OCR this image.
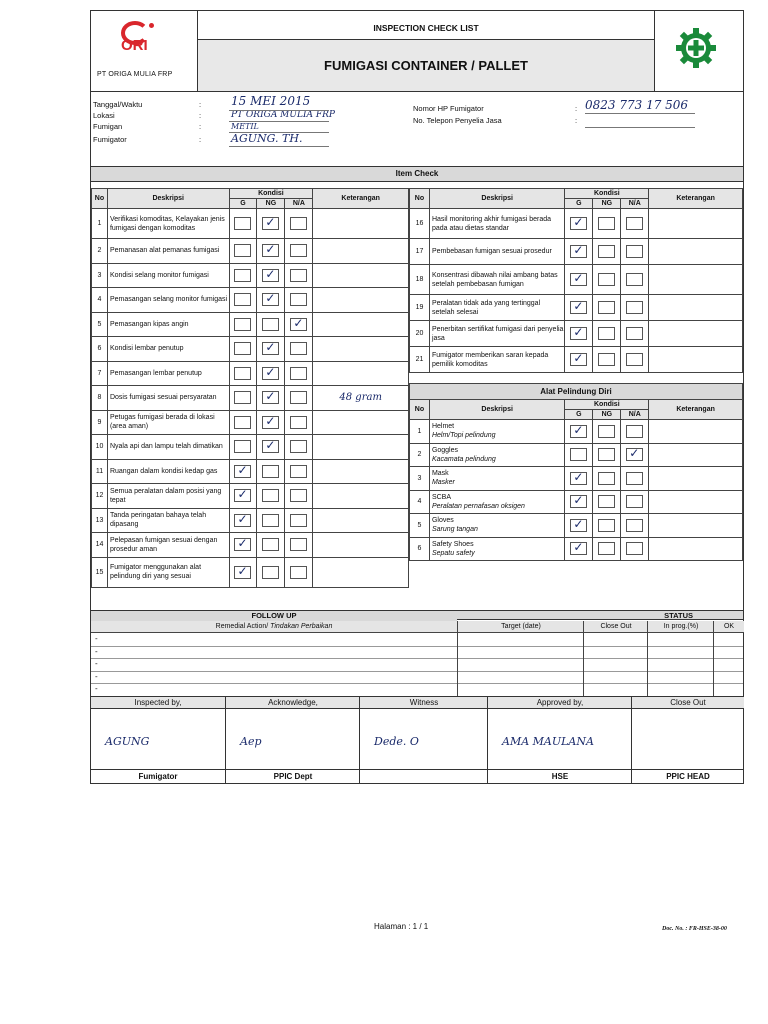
ORI
PT ORIGA MULIA FRP
INSPECTION CHECK LIST
FUMIGASI CONTAINER / PALLET
Tanggal/Waktu
Lokasi
Fumigan
Fumigator
:
:
:
:
15 MEI 2015
PT ORIGA MULIA FRP
METIL
AGUNG. TH.
Nomor HP Fumigator
No. Telepon Penyelia Jasa
:
:
0823 773 17 506
Item Check
No	Deskripsi	Kondisi			Keterangan
		G	NG	N/A	
1	Verifikasi komoditas, Kelayakan jenis fumigasi dengan komoditas		✓		
2	Pemanasan alat pemanas fumigasi		✓		
3	Kondisi selang monitor fumigasi		✓		
4	Pemasangan selang monitor fumigasi		✓		
5	Pemasangan kipas angin			✓	
6	Kondisi lembar penutup		✓		
7	Pemasangan lembar penutup		✓		
8	Dosis fumigasi sesuai persyaratan		✓		48 gram
9	Petugas fumigasi berada di lokasi (area aman)		✓		
10	Nyala api dan lampu telah dimatikan		✓		
11	Ruangan dalam kondisi kedap gas	✓			
12	Semua peralatan dalam posisi yang tepat	✓			
13	Tanda peringatan bahaya telah dipasang	✓			
14	Pelepasan fumigan sesuai dengan prosedur aman	✓			
15	Fumigator menggunakan alat pelindung diri yang sesuai	✓			
No	Deskripsi	Kondisi			Keterangan
		G	NG	N/A	
16	Hasil monitoring akhir fumigasi berada pada atau dietas standar	✓			
17	Pembebasan fumigan sesuai prosedur	✓			
18	Konsentrasi dibawah nilai ambang batas setelah pembebasan fumigan	✓			
19	Peralatan tidak ada yang tertinggal setelah selesai	✓			
20	Penerbitan sertifikat fumigasi dari penyelia jasa	✓			
21	Fumigator memberikan saran kepada pemilik komoditas	✓			
Alat Pelindung Diri					
No	Deskripsi	Kondisi			Keterangan
		G	NG	N/A	
1	Helmet
Helm/Topi pelindung
	✓			
2	Goggles
Kacamata pelindung
			✓	
3	Mask
Masker
	✓			
4	SCBA
Peralatan pernafasan oksigen
	✓			
5	Gloves
Sarung tangan
	✓			
6	Safety Shoes
Sepatu safety
	✓			
FOLLOW UP	STATUS
Remedial Action/ Tindakan Perbaikan	Target (date)	Close Out	In prog.(%)	OK
-
-
-
-
-
Inspected by,
AGUNG
Fumigator
Acknowledge,
Aep
PPIC Dept
Witness
Dede. O
Approved by,
AMA MAULANA
HSE
Close Out
PPIC HEAD
Halaman : 1 / 1	Doc. No. : FR-HSE-38-00
